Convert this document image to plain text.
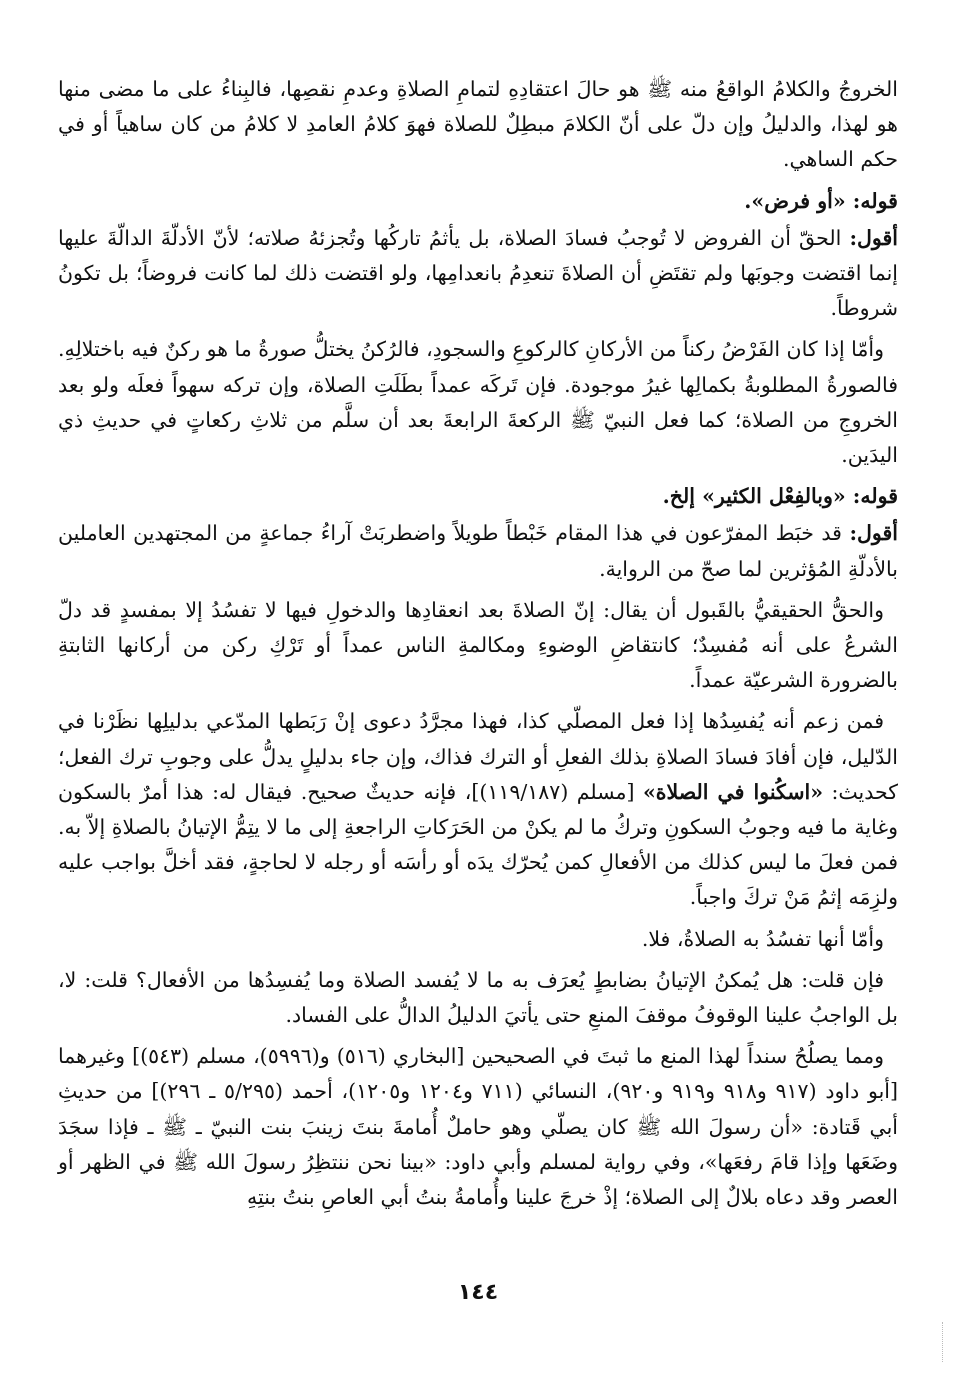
الخروجُ والكلامُ الواقعُ منه ﷺ هو حالَ اعتقادِهِ لتمامِ الصلاةِ وعدمِ نقصِها، فالبِناءُ على ما مضى منها هو لهذا، والدليلُ وإن دلّ على أنّ الكلامَ مبطِلٌ للصلاة فهوَ كلامُ العامدِ لا كلامُ من كان ساهياً أو في حكم الساهي.

قوله: «أو فرض».

أقول: الحقّ أن الفروض لا تُوجبُ فسادَ الصلاة، بل يأثمُ تاركُها وتُجزئهُ صلاته؛ لأنّ الأدلّةَ الدالّةَ عليها إنما اقتضت وجوبَها ولم تقتَضِ أن الصلاةَ تنعدِمُ بانعدامِها، ولو اقتضت ذلك لما كانت فروضاً؛ بل تكونُ شروطاً.

وأمّا إذا كان الفَرْضُ ركناً من الأركانِ كالركوعِ والسجودِ، فالرُكنُ يختلُّ صورةُ ما هو ركنٌ فيه باختلالِهِ. فالصورةُ المطلوبةُ بكمالِها غيرُ موجودة. فإن تَركَه عمداً بطَلَتِ الصلاة، وإن تركه سهواً فعلَه ولو بعد الخروجِ من الصلاة؛ كما فعل النبيّ ﷺ الركعةَ الرابعةَ بعد أن سلَّم من ثلاثِ ركعاتٍ في حديثِ ذي اليدَين.

قوله: «وبالفِعْل الكثير» إلخ.

أقول: قد خبَط المفرّعون في هذا المقام خَبْطاً طويلاً واضطربَتْ آراءُ جماعةٍ من المجتهدين العاملين بالأدلّةِ المُؤثرين لما صحّ من الرواية.

والحقُّ الحقيقيُّ بالقَبول أن يقال: إنّ الصلاةَ بعد انعقادِها والدخولِ فيها لا تفسُدُ إلا بمفسدٍ قد دلّ الشرعُ على أنه مُفسِدٌ؛ كانتقاضِ الوضوءِ ومكالمةِ الناس عمداً أو تَرْكِ ركن من أركانها الثابتةِ بالضرورة الشرعيّة عمداً.

فمن زعم أنه يُفسِدُها إذا فعل المصلّي كذا، فهذا مجرَّدُ دعوى إنْ رَبَطها المدّعي بدليلِها نظَرْنا في الدّليل، فإن أفادَ فسادَ الصلاةِ بذلك الفعلِ أو الترك فذاك، وإن جاء بدليلٍ يدلُّ على وجوبِ ترك الفعل؛ كحديث: «اسكُنوا في الصلاة» [مسلم (١١٩/١٨٧)]، فإنه حديثٌ صحيح. فيقال له: هذا أمرٌ بالسكون وغاية ما فيه وجوبُ السكونِ وتركُ ما لم يكنْ من الحَرَكاتِ الراجعةِ إلى ما لا يتِمُّ الإتيانُ بالصلاةِ إلاّ به. فمن فعلَ ما ليس كذلك من الأفعالِ كمن يُحرّك يدَه أو رأسَه أو رجله لا لحاجةٍ، فقد أخلَّ بواجب عليه ولزِمَه إثمُ مَنْ تركَ واجباً.

وأمّا أنها تفسُدُ به الصلاةُ، فلا.

فإن قلت: هل يُمكنُ الإتيانُ بضابطٍ يُعرَف به ما لا يُفسد الصلاة وما يُفسِدُها من الأفعال؟ قلت: لا، بل الواجبُ علينا الوقوفُ موقفَ المنعِ حتى يأتيَ الدليلُ الدالُّ على الفساد.

ومما يصلُحُ سنداً لهذا المنع ما ثبتَ في الصحيحين [البخاري (٥١٦) و(٥٩٩٦)، مسلم (٥٤٣)] وغيرهما [أبو داود (٩١٧ و٩١٨ و٩١٩ و٩٢٠)، النسائي (٧١١ و١٢٠٤ و١٢٠٥)، أحمد (٥/٢٩٥ ـ ٢٩٦)] من حديثِ أبي قَتادة: «أن رسولَ الله ﷺ كان يصلّي وهو حاملٌ أُمامةَ بنتَ زينبَ بنت النبيّ ـ ﷺ ـ فإذا سجَدَ وضَعَها وإذا قامَ رفعَها»، وفي رواية لمسلم وأبي داود: «بينا نحن ننتظِرُ رسولَ الله ﷺ في الظهر أو العصر وقد دعاه بلالٌ إلى الصلاة؛ إذْ خرجَ علينا وأُمامةُ بنتُ أبي العاصِ بنتُ بنتِهِ

١٤٤
